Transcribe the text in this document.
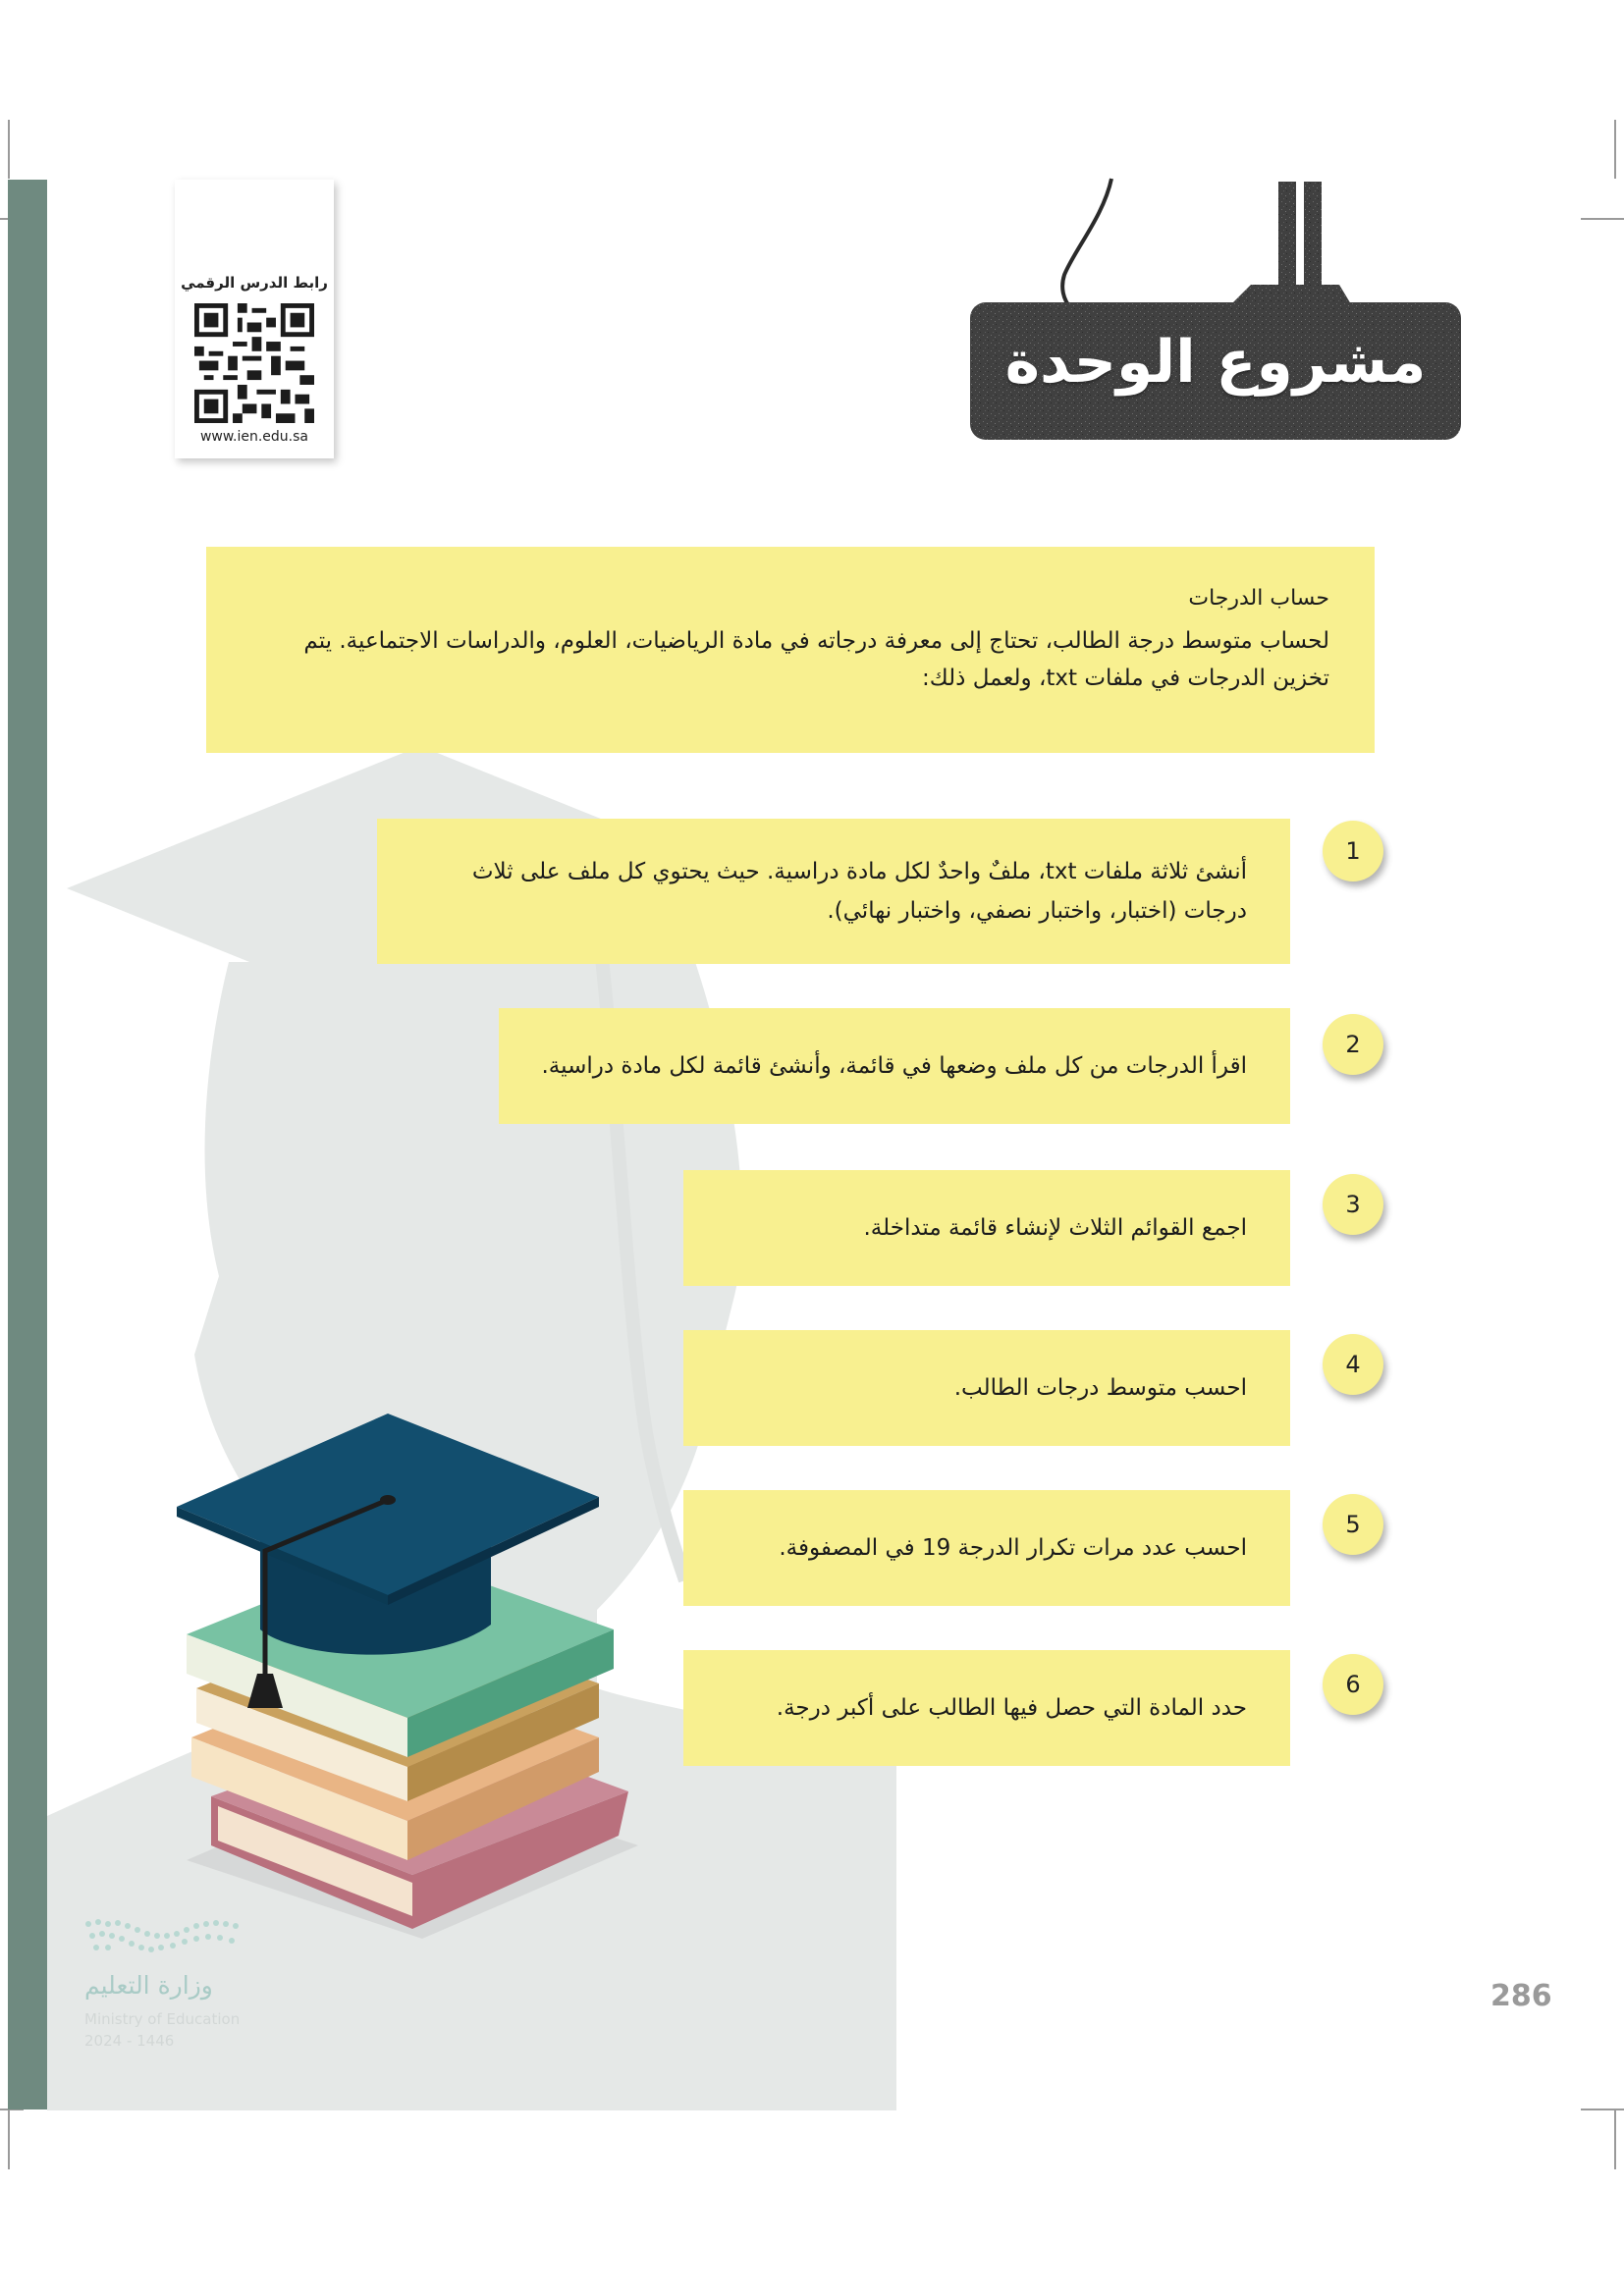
رابط الدرس الرقمي
www.ien.edu.sa
مشروع الوحدة
حساب الدرجات

لحساب متوسط درجة الطالب، تحتاج إلى معرفة درجاته في مادة الرياضيات، العلوم، والدراسات الاجتماعية. يتم تخزين الدرجات في ملفات txt، ولعمل ذلك:

أنشئ ثلاثة ملفات txt، ملفٌ واحدٌ لكل مادة دراسية. حيث يحتوي كل ملف على ثلاث درجات (اختبار، واختبار نصفي، واختبار نهائي).
1
اقرأ الدرجات من كل ملف وضعها في قائمة، وأنشئ قائمة لكل مادة دراسية.
2
اجمع القوائم الثلاث لإنشاء قائمة متداخلة.
3
احسب متوسط درجات الطالب.
4
احسب عدد مرات تكرار الدرجة 19 في المصفوفة.
5
حدد المادة التي حصل فيها الطالب على أكبر درجة.
6
وزارة التعليم
Ministry of Education
2024 - 1446
286
